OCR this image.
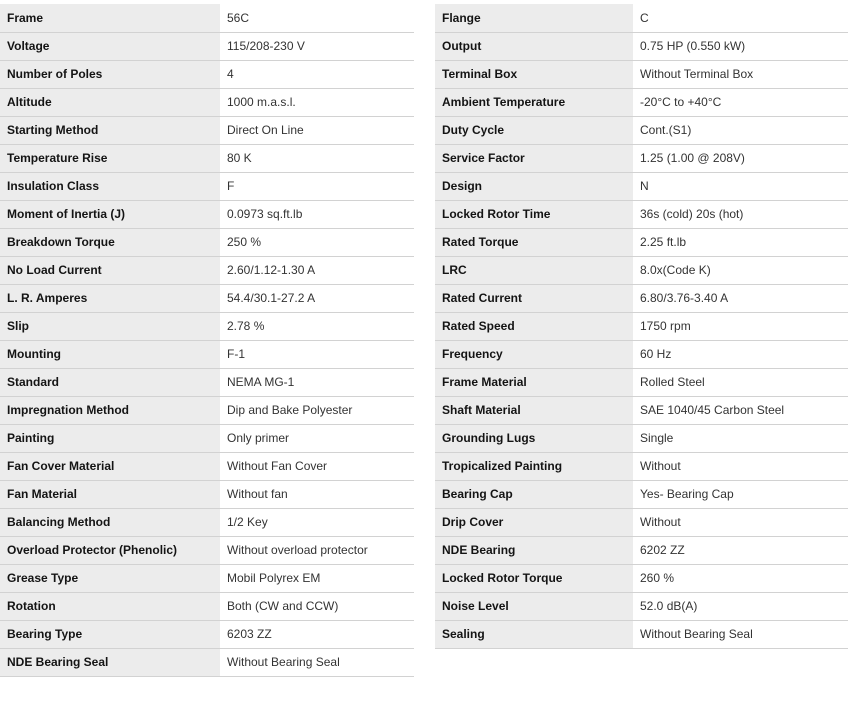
Frame	56C
Voltage	115/208-230 V
Number of Poles	4
Altitude	1000 m.a.s.l.
Starting Method	Direct On Line
Temperature Rise	80 K
Insulation Class	F
Moment of Inertia (J)	0.0973 sq.ft.lb
Breakdown Torque	250 %
No Load Current	2.60/1.12-1.30 A
L. R. Amperes	54.4/30.1-27.2 A
Slip	2.78 %
Mounting	F-1
Standard	NEMA MG-1
Impregnation Method	Dip and Bake Polyester
Painting	Only primer
Fan Cover Material	Without Fan Cover
Fan Material	Without fan
Balancing Method	1/2 Key
Overload Protector (Phenolic)	Without overload protector
Grease Type	Mobil Polyrex EM
Rotation	Both (CW and CCW)
Bearing Type	6203 ZZ
NDE Bearing Seal	Without Bearing Seal
Flange	C
Output	0.75 HP (0.550 kW)
Terminal Box	Without Terminal Box
Ambient Temperature	-20°C to +40°C
Duty Cycle	Cont.(S1)
Service Factor	1.25 (1.00 @ 208V)
Design	N
Locked Rotor Time	36s (cold) 20s (hot)
Rated Torque	2.25 ft.lb
LRC	8.0x(Code K)
Rated Current	6.80/3.76-3.40 A
Rated Speed	1750 rpm
Frequency	60 Hz
Frame Material	Rolled Steel
Shaft Material	SAE 1040/45 Carbon Steel
Grounding Lugs	Single
Tropicalized Painting	Without
Bearing Cap	Yes- Bearing Cap
Drip Cover	Without
NDE Bearing	6202 ZZ
Locked Rotor Torque	260 %
Noise Level	52.0 dB(A)
Sealing	Without Bearing Seal
